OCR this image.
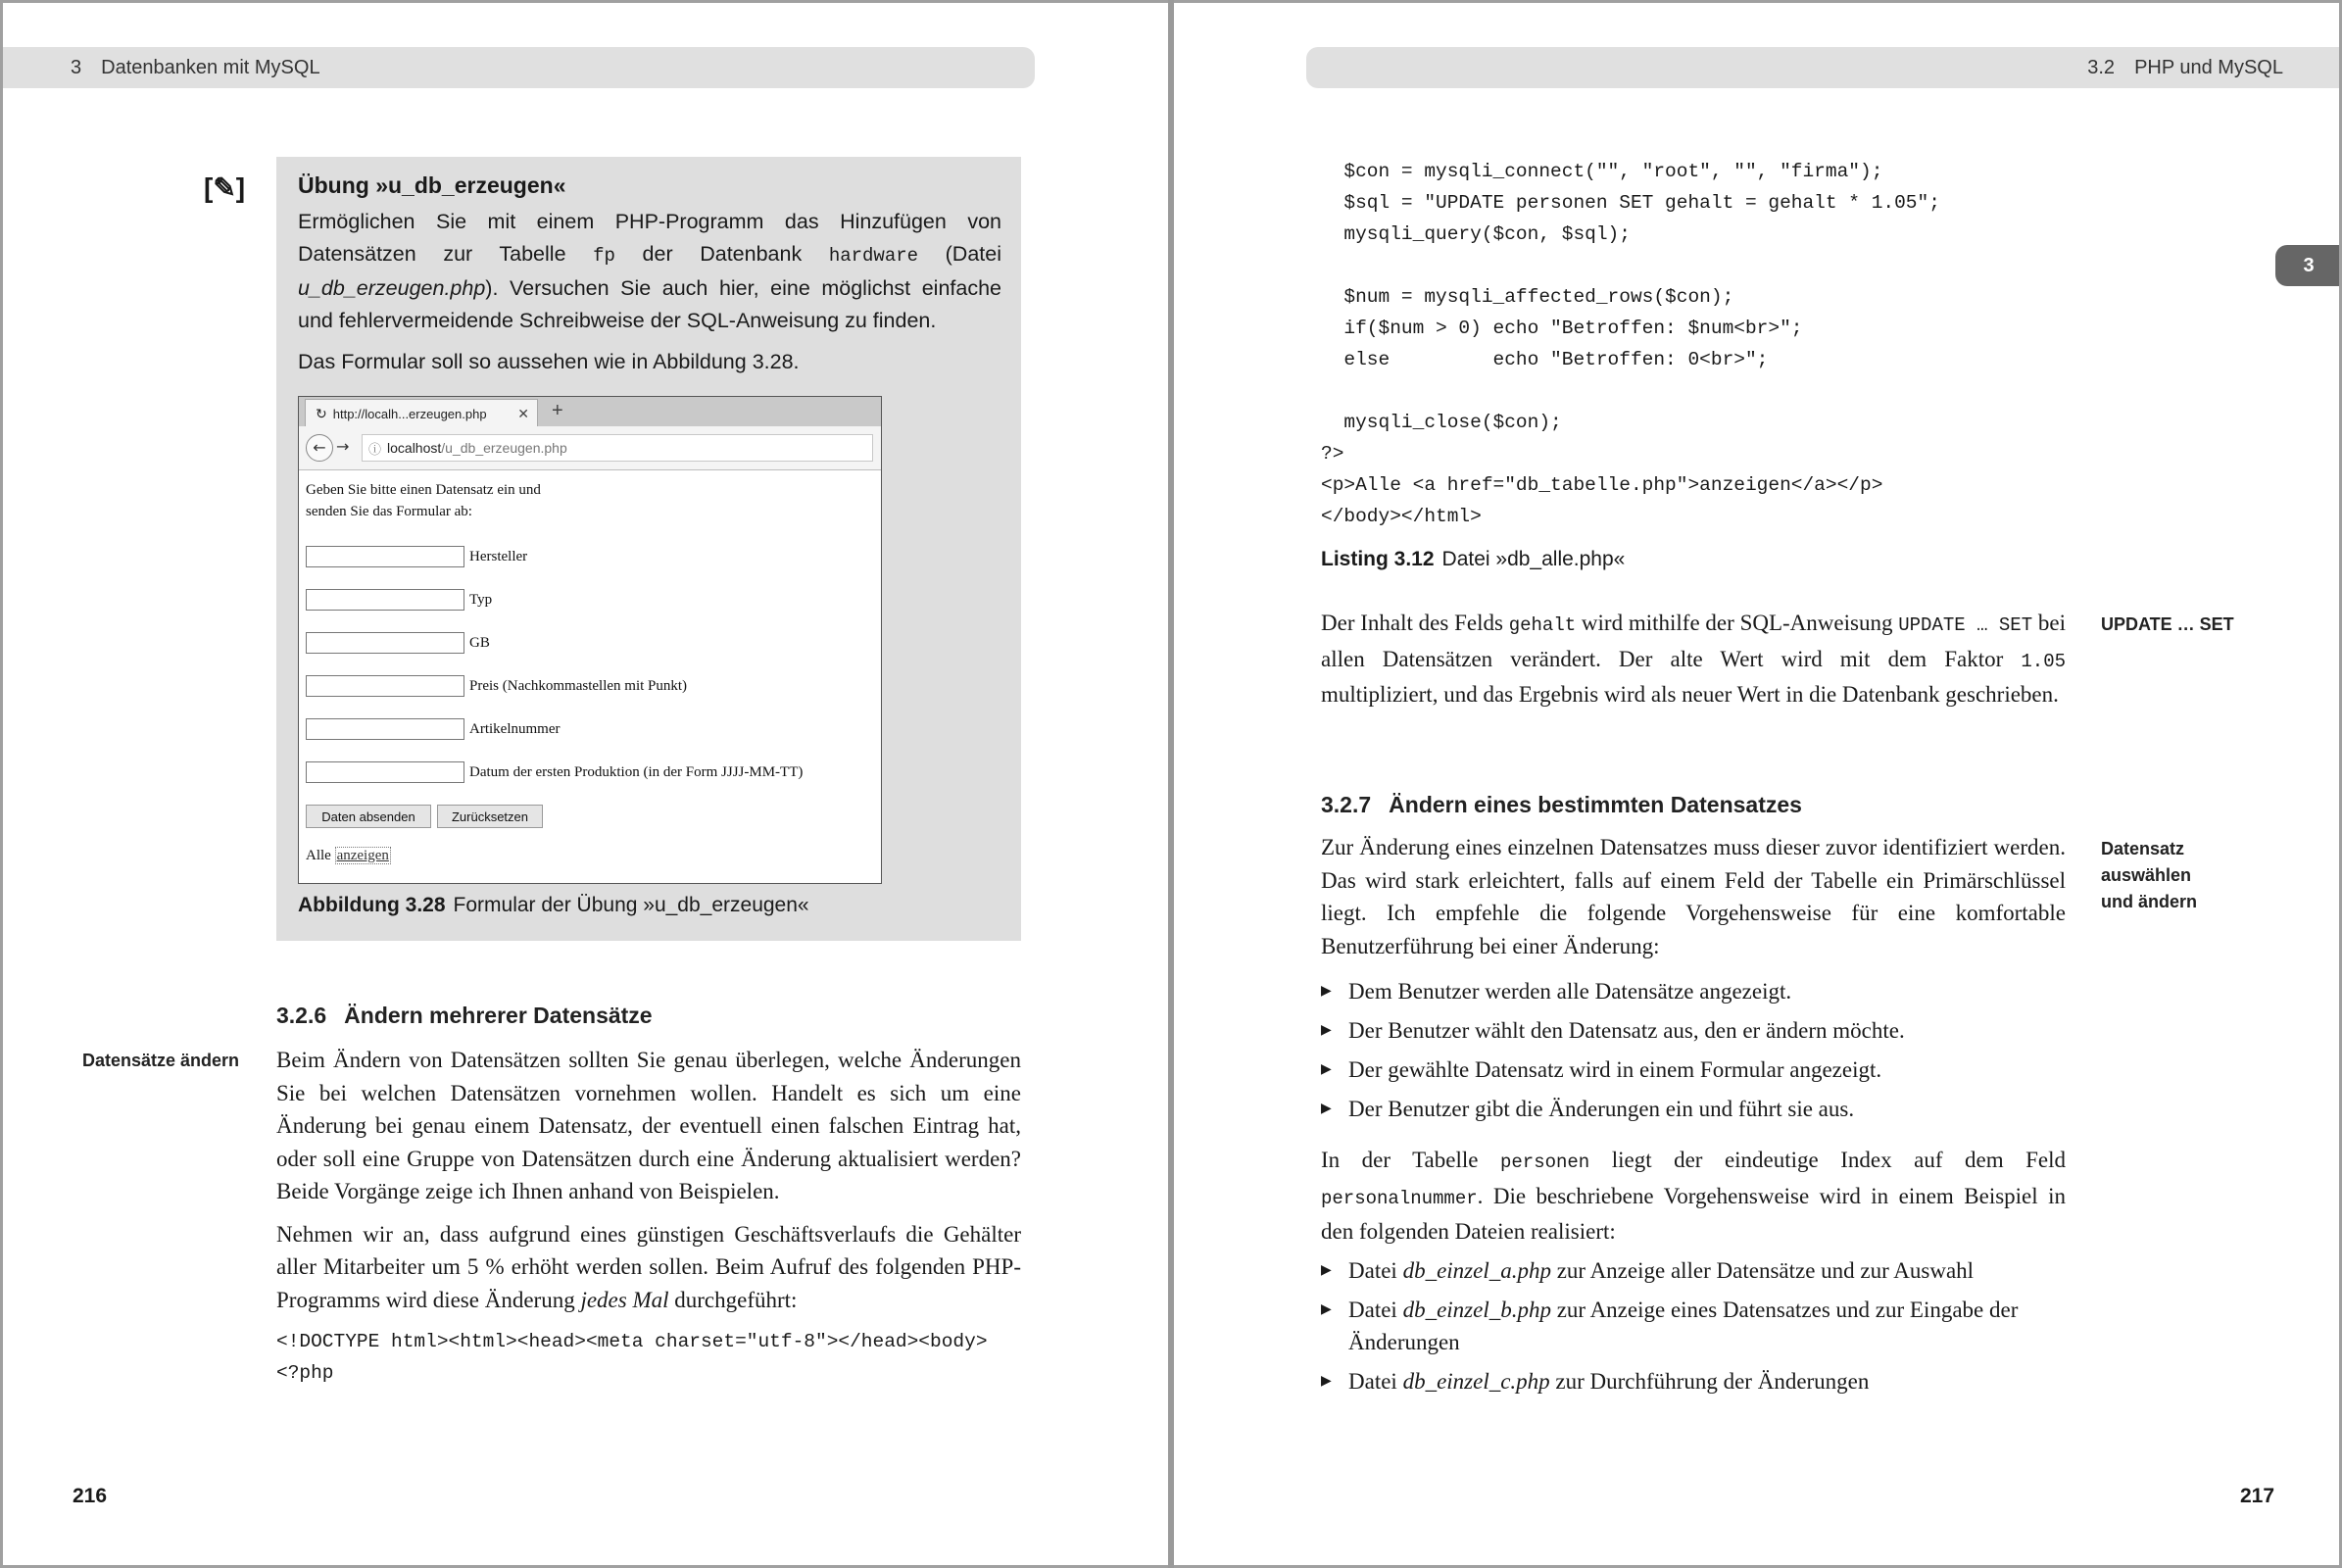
3 Datenbanken mit MySQL
[✎] Übung »u_db_erzeugen«

Ermöglichen Sie mit einem PHP-Programm das Hinzufügen von Datensätzen zur Tabelle fp der Datenbank hardware (Datei u_db_erzeugen.php). Versuchen Sie auch hier, eine möglichst einfache und fehlervermeidende Schreibweise der SQL-Anweisung zu finden.

Das Formular soll so aussehen wie in Abbildung 3.28.

↻ http://localh...erzeugen.php ✕ +
← → ⓘ localhost /u_db_erzeugen.php
Geben Sie bitte einen Datensatz ein und senden Sie das Formular ab:
Hersteller
Typ
GB
Preis (Nachkommastellen mit Punkt)
Artikelnummer
Datum der ersten Produktion (in der Form JJJJ-MM-TT)
Daten absenden	Zurücksetzen
Alle anzeigen
Abbildung 3.28 Formular der Übung »u_db_erzeugen«
3.2.6 Ändern mehrerer Datensätze
Datensätze ändern	Beim Ändern von Datensätzen sollten Sie genau überlegen, welche Änderungen Sie bei welchen Datensätzen vornehmen wollen. Handelt es sich um eine Änderung bei genau einem Datensatz, der eventuell einen falschen Eintrag hat, oder soll eine Gruppe von Datensätzen durch eine Änderung aktualisiert werden? Beide Vorgänge zeige ich Ihnen anhand von Beispielen.

Nehmen wir an, dass aufgrund eines günstigen Geschäftsverlaufs die Gehälter aller Mitarbeiter um 5 % erhöht werden sollen. Beim Aufruf des folgenden PHP-Programms wird diese Änderung jedes Mal durchgeführt:

<!DOCTYPE html><html><head><meta charset="utf-8"></head><body>
<?php
216
3.2 PHP und MySQL
3
$con = mysqli_connect("", "root", "", "firma");
$sql = "UPDATE personen SET gehalt = gehalt * 1.05";
mysqli_query($con, $sql);

$num = mysqli_affected_rows($con);
if($num > 0) echo "Betroffen: $num<br>";
else         echo "Betroffen: 0<br>";

mysqli_close($con);
?>
<p>Alle <a href="db_tabelle.php">anzeigen</a></p>
</body></html>
Listing 3.12 Datei »db_alle.php«

Der Inhalt des Felds gehalt wird mithilfe der SQL-Anweisung UPDATE … SET bei allen Datensätzen verändert. Der alte Wert wird mit dem Faktor 1.05 multipliziert, und das Ergebnis wird als neuer Wert in die Datenbank geschrieben.

UPDATE … SET
3.2.7 Ändern eines bestimmten Datensatzes

Zur Änderung eines einzelnen Datensatzes muss dieser zuvor identifiziert werden. Das wird stark erleichtert, falls auf einem Feld der Tabelle ein Primärschlüssel liegt. Ich empfehle die folgende Vorgehensweise für eine komfortable Benutzerführung bei einer Änderung:

Datensatz auswählen und ändern
▶ Dem Benutzer werden alle Datensätze angezeigt.
▶ Der Benutzer wählt den Datensatz aus, den er ändern möchte.
▶ Der gewählte Datensatz wird in einem Formular angezeigt.
▶ Der Benutzer gibt die Änderungen ein und führt sie aus.

In der Tabelle personen liegt der eindeutige Index auf dem Feld personalnummer. Die beschriebene Vorgehensweise wird in einem Beispiel in den folgenden Dateien realisiert:

▶ Datei db_einzel_a.php zur Anzeige aller Datensätze und zur Auswahl
▶ Datei db_einzel_b.php zur Anzeige eines Datensatzes und zur Eingabe der Änderungen
▶ Datei db_einzel_c.php zur Durchführung der Änderungen
217
